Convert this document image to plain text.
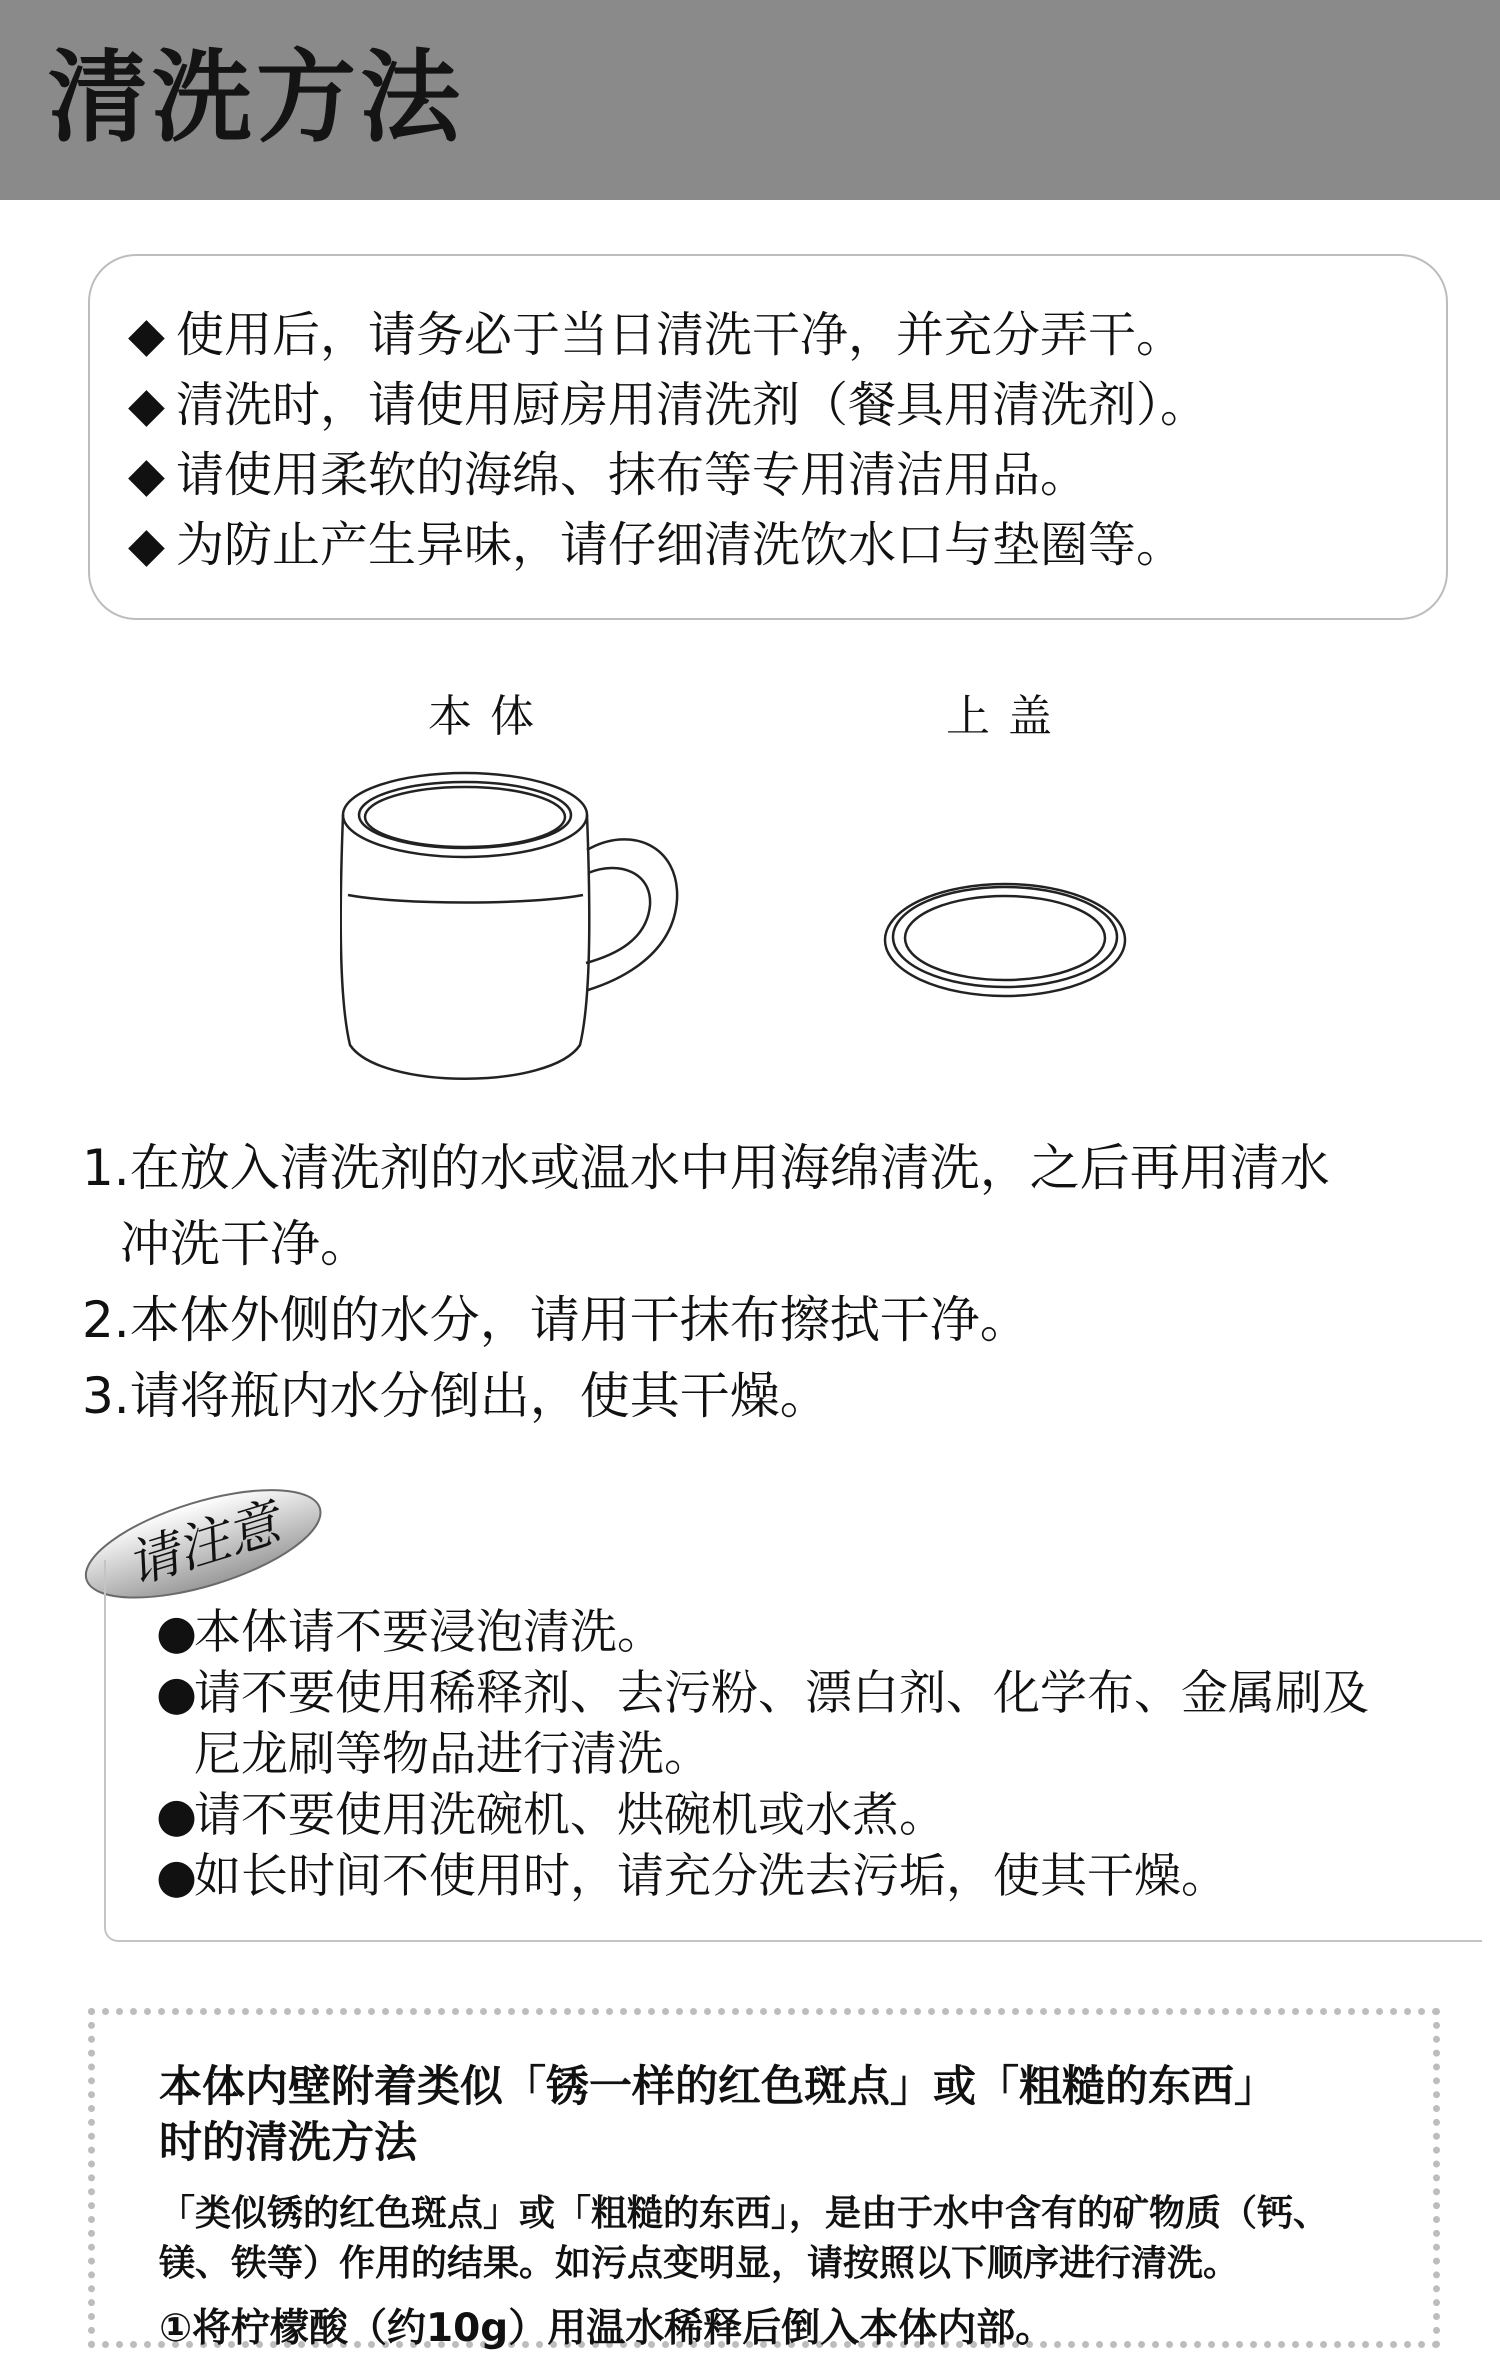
清洗方法
◆ 使用后，请务必于当日清洗干净，并充分弄干。
◆ 清洗时，请使用厨房用清洗剂（餐具用清洗剂）。
◆ 请使用柔软的海绵、抹布等专用清洁用品。
◆ 为防止产生异味，请仔细清洗饮水口与垫圈等。
本体	上盖
1.在放入清洗剂的水或温水中用海绵清洗，之后再用清水
冲洗干净。
2.本体外侧的水分，请用干抹布擦拭干净。
3.请将瓶内水分倒出，使其干燥。
请注意
●本体请不要浸泡清洗。
●请不要使用稀释剂、去污粉、漂白剂、化学布、金属刷及
尼龙刷等物品进行清洗。
●请不要使用洗碗机、烘碗机或水煮。
●如长时间不使用时，请充分洗去污垢，使其干燥。
本体内壁附着类似「锈一样的红色斑点」或「粗糙的东西」
时的清洗方法
「类似锈的红色斑点」或「粗糙的东西」，是由于水中含有的矿物质（钙、
镁、铁等）作用的结果。如污点变明显，请按照以下顺序进行清洗。
①将柠檬酸（约10g）用温水稀释后倒入本体内部。
